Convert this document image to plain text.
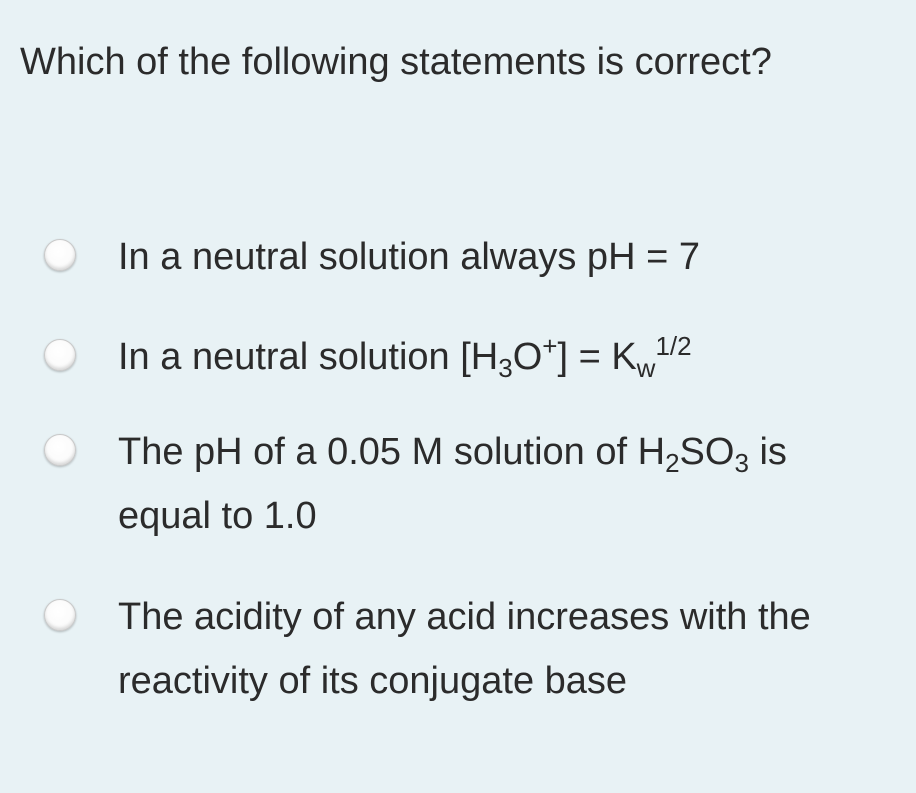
Which of the following statements is correct?
In a neutral solution always pH = 7
In a neutral solution $[H_3O^+] = K_w^{1/2}$
The pH of a 0.05 M solution of $H_2SO_3$ is equal to 1.0
The acidity of any acid increases with the reactivity of its conjugate base
